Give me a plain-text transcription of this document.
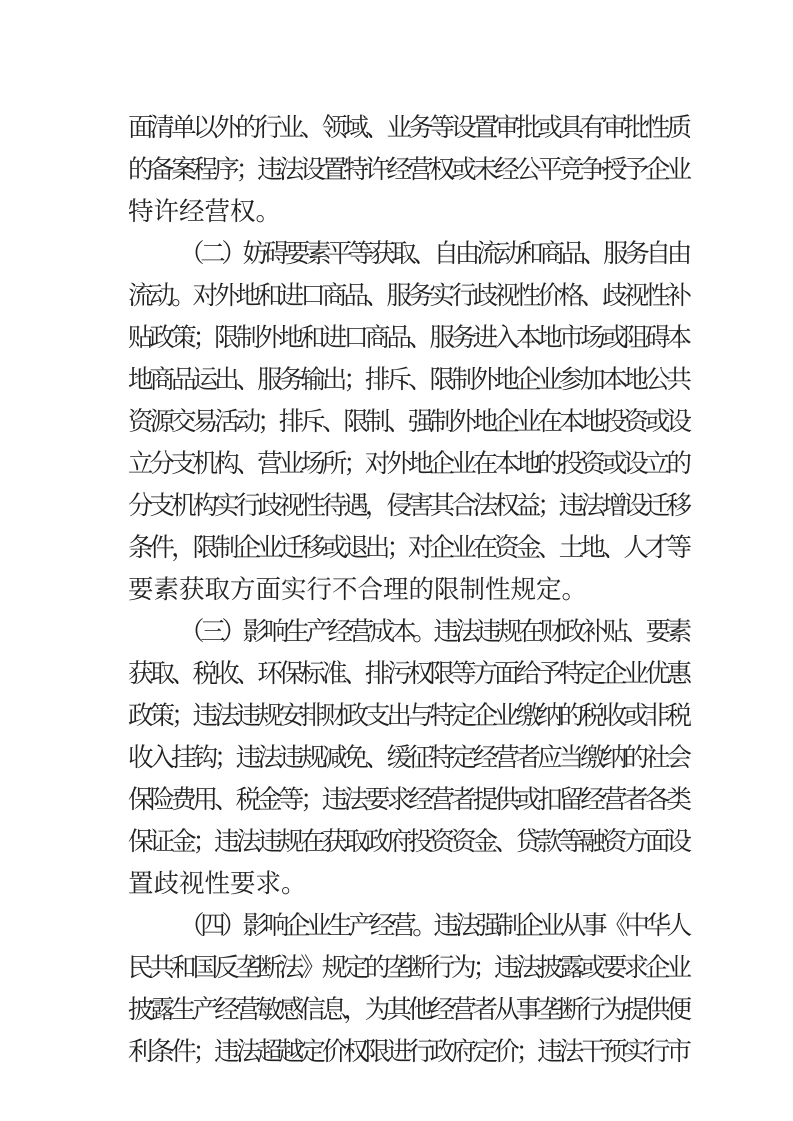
面清单以外的行业、领域、业务等设置审批或具有审批性质
的备案程序；违法设置特许经营权或未经公平竞争授予企业
特许经营权。
（二）妨碍要素平等获取、自由流动和商品、服务自由
流动。对外地和进口商品、服务实行歧视性价格、歧视性补
贴政策；限制外地和进口商品、服务进入本地市场或阻碍本
地商品运出、服务输出；排斥、限制外地企业参加本地公共
资源交易活动；排斥、限制、强制外地企业在本地投资或设
立分支机构、营业场所；对外地企业在本地的投资或设立的
分支机构实行歧视性待遇，侵害其合法权益；违法增设迁移
条件，限制企业迁移或退出；对企业在资金、土地、人才等
要素获取方面实行不合理的限制性规定。
（三）影响生产经营成本。违法违规在财政补贴、要素
获取、税收、环保标准、排污权限等方面给予特定企业优惠
政策；违法违规安排财政支出与特定企业缴纳的税收或非税
收入挂钩；违法违规减免、缓征特定经营者应当缴纳的社会
保险费用、税金等；违法要求经营者提供或扣留经营者各类
保证金；违法违规在获取政府投资资金、贷款等融资方面设
置歧视性要求。
（四）影响企业生产经营。违法强制企业从事《中华人
民共和国反垄断法》规定的垄断行为；违法披露或要求企业
披露生产经营敏感信息，为其他经营者从事垄断行为提供便
利条件；违法超越定价权限进行政府定价；违法干预实行市
